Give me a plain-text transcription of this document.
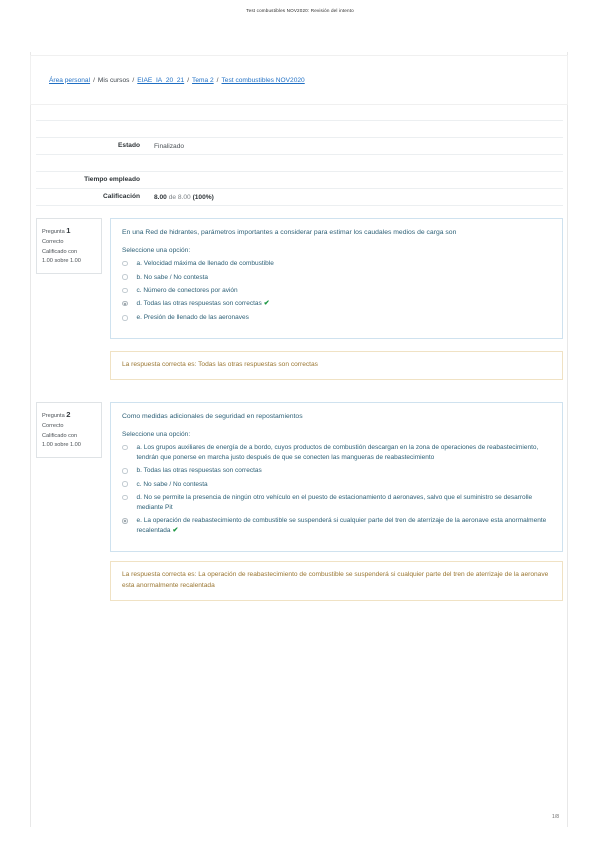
Test combustibles NOV2020: Revisión del intento
1/8
Área personal / Mis cursos / EIAE_IA_20_21 / Tema 2 / Test combustibles NOV2020

Estado	Finalizado

Tiempo empleado	
Calificación	8.00 de 8.00 (100%)
Pregunta 1
Correcto
Calificado con
1.00 sobre 1.00
En una Red de hidrantes, parámetros importantes a considerar para estimar los caudales medios de carga son
Seleccione una opción:
a. Velocidad máxima de llenado de combustible
b. No sabe / No contesta
c. Número de conectores por avión
d. Todas las otras respuestas son correctas ✔
e. Presión de llenado de las aeronaves
La respuesta correcta es: Todas las otras respuestas son correctas
Pregunta 2
Correcto
Calificado con
1.00 sobre 1.00
Como medidas adicionales de seguridad en repostamientos
Seleccione una opción:
a. Los grupos auxiliares de energía de a bordo, cuyos productos de combustión descargan en la zona de operaciones de reabastecimiento, tendrán que ponerse en marcha justo después de que se conecten las mangueras de reabastecimiento
b. Todas las otras respuestas son correctas
c. No sabe / No contesta
d. No se permite la presencia de ningún otro vehículo en el puesto de estacionamiento d aeronaves, salvo que el suministro se desarrolle mediante Pit
e. La operación de reabastecimiento de combustible se suspenderá si cualquier parte del tren de aterrizaje de la aeronave esta anormalmente recalentada ✔
La respuesta correcta es: La operación de reabastecimiento de combustible se suspenderá si cualquier parte del tren de aterrizaje de la aeronave esta anormalmente recalentada
